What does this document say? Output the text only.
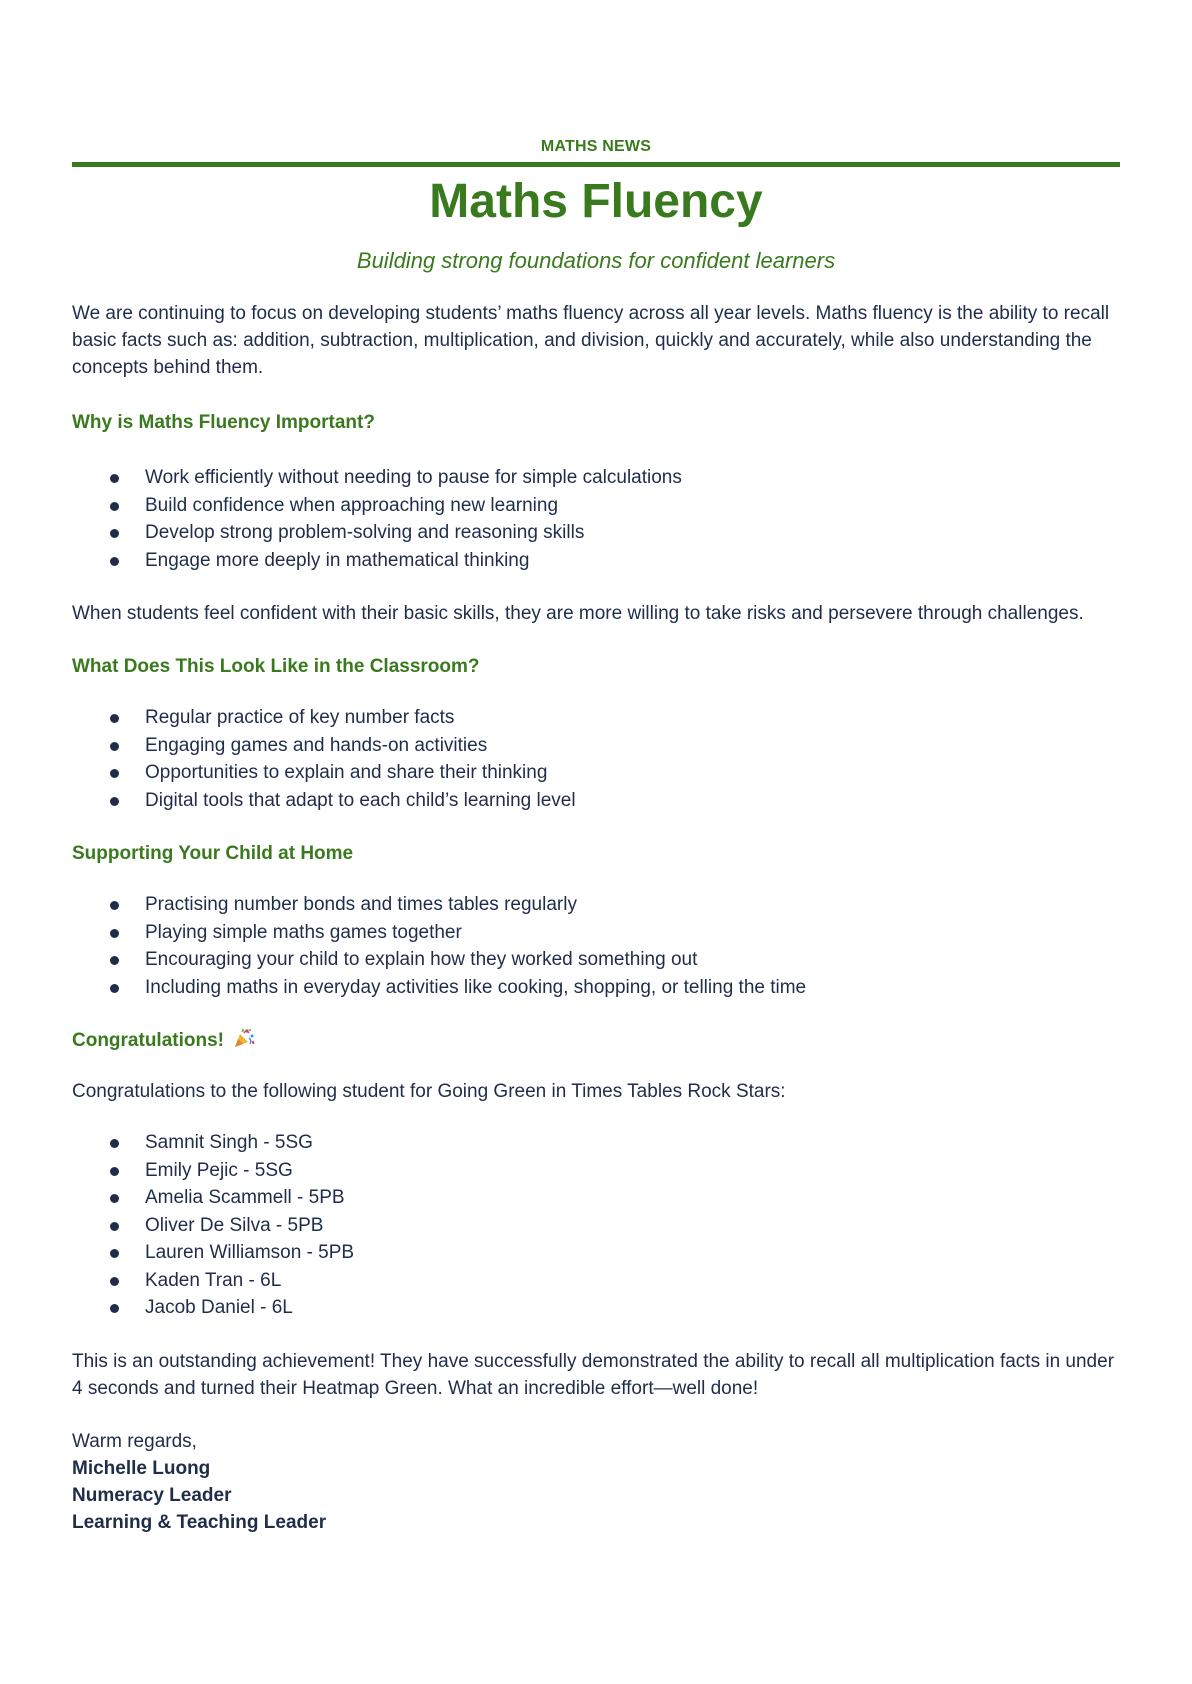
MATHS NEWS
Maths Fluency
Building strong foundations for confident learners

We are continuing to focus on developing students’ maths fluency across all year levels. Maths fluency is the ability to recall basic facts such as: addition, subtraction, multiplication, and division, quickly and accurately, while also understanding the concepts behind them.

Why is Maths Fluency Important?
Work efficiently without needing to pause for simple calculations
Build confidence when approaching new learning
Develop strong problem-solving and reasoning skills
Engage more deeply in mathematical thinking

When students feel confident with their basic skills, they are more willing to take risks and persevere through challenges.

What Does This Look Like in the Classroom?
Regular practice of key number facts
Engaging games and hands-on activities
Opportunities to explain and share their thinking
Digital tools that adapt to each child’s learning level
Supporting Your Child at Home
Practising number bonds and times tables regularly
Playing simple maths games together
Encouraging your child to explain how they worked something out
Including maths in everyday activities like cooking, shopping, or telling the time
Congratulations!

Congratulations to the following student for Going Green in Times Tables Rock Stars:

Samnit Singh - 5SG
Emily Pejic - 5SG
Amelia Scammell - 5PB
Oliver De Silva - 5PB
Lauren Williamson - 5PB
Kaden Tran - 6L
Jacob Daniel - 6L

This is an outstanding achievement! They have successfully demonstrated the ability to recall all multiplication facts in under 4 seconds and turned their Heatmap Green. What an incredible effort—well done!

Warm regards,

Michelle Luong

Numeracy Leader

Learning & Teaching Leader
